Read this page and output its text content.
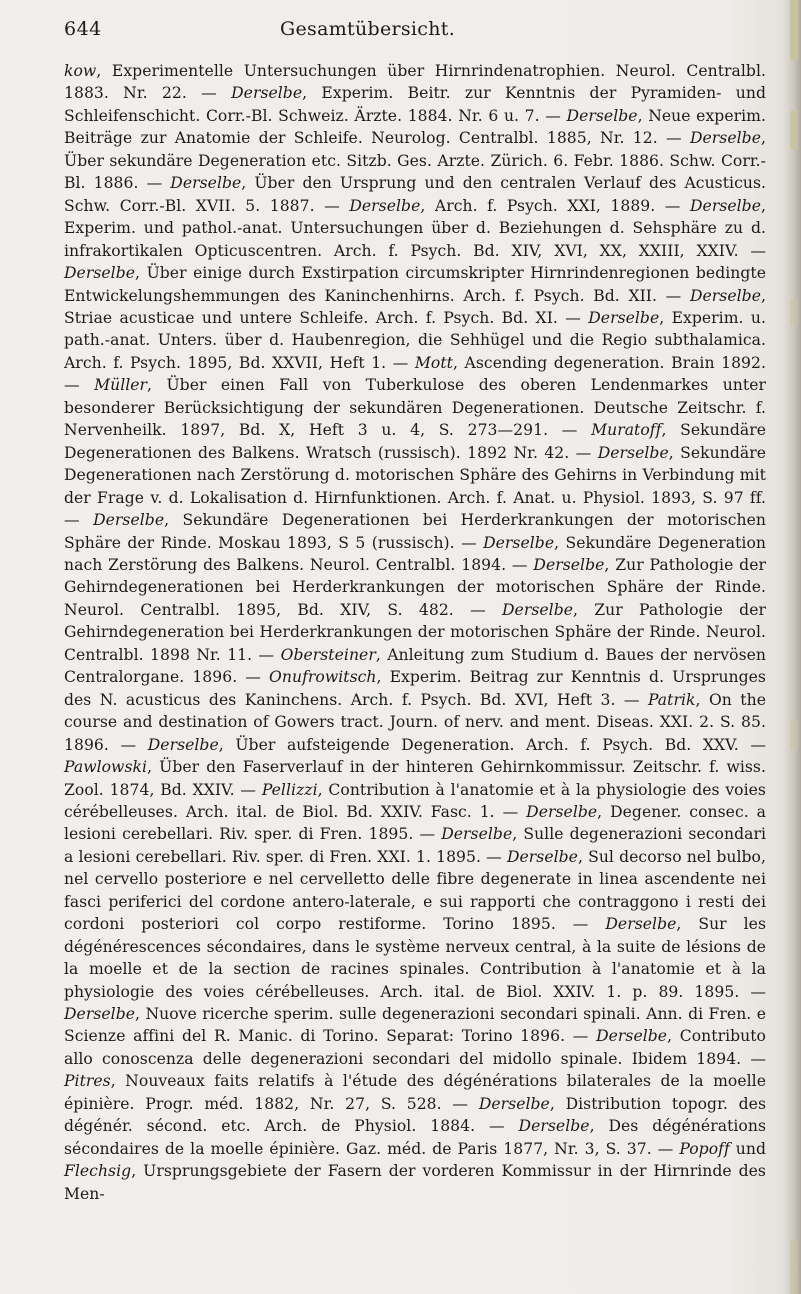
644	Gesamtübersicht.

kow, Experimentelle Untersuchungen über Hirnrindenatrophien. Neurol. Centralbl. 1883. Nr. 22. — Derselbe, Experim. Beitr. zur Kenntnis der Pyramiden- und Schleifenschicht. Corr.-Bl. Schweiz. Ärzte. 1884. Nr. 6 u. 7. — Derselbe, Neue experim. Beiträge zur Anatomie der Schleife. Neurolog. Centralbl. 1885, Nr. 12. — Derselbe, Über sekundäre Degeneration etc. Sitzb. Ges. Arzte. Zürich. 6. Febr. 1886. Schw. Corr.-Bl. 1886. — Derselbe, Über den Ursprung und den centralen Verlauf des Acusticus. Schw. Corr.-Bl. XVII. 5. 1887. — Derselbe, Arch. f. Psych. XXI, 1889. — Derselbe, Experim. und pathol.-anat. Untersuchungen über d. Beziehungen d. Sehsphäre zu d. infrakortikalen Opticuscentren. Arch. f. Psych. Bd. XIV, XVI, XX, XXIII, XXIV. — Derselbe, Über einige durch Exstirpation circumskripter Hirnrindenregionen bedingte Entwickelungshemmungen des Kaninchenhirns. Arch. f. Psych. Bd. XII. — Derselbe, Striae acusticae und untere Schleife. Arch. f. Psych. Bd. XI. — Derselbe, Experim. u. path.-anat. Unters. über d. Haubenregion, die Sehhügel und die Regio subthalamica. Arch. f. Psych. 1895, Bd. XXVII, Heft 1. — Mott, Ascending degeneration. Brain 1892. — Müller, Über einen Fall von Tuberkulose des oberen Lendenmarkes unter besonderer Berücksichtigung der sekundären Degenerationen. Deutsche Zeitschr. f. Nervenheilk. 1897, Bd. X, Heft 3 u. 4, S. 273—291. — Muratoff, Sekundäre Degenerationen des Balkens. Wratsch (russisch). 1892 Nr. 42. — Derselbe, Sekundäre Degenerationen nach Zerstörung d. motorischen Sphäre des Gehirns in Verbindung mit der Frage v. d. Lokalisation d. Hirnfunktionen. Arch. f. Anat. u. Physiol. 1893, S. 97 ff. — Derselbe, Sekundäre Degenerationen bei Herderkrankungen der motorischen Sphäre der Rinde. Moskau 1893, S 5 (russisch). — Derselbe, Sekundäre Degeneration nach Zerstörung des Balkens. Neurol. Centralbl. 1894. — Derselbe, Zur Pathologie der Gehirndegenerationen bei Herderkrankungen der motorischen Sphäre der Rinde. Neurol. Centralbl. 1895, Bd. XIV, S. 482. — Derselbe, Zur Pathologie der Gehirndegeneration bei Herderkrankungen der motorischen Sphäre der Rinde. Neurol. Centralbl. 1898 Nr. 11. — Obersteiner, Anleitung zum Studium d. Baues der nervösen Centralorgane. 1896. — Onufrowitsch, Experim. Beitrag zur Kenntnis d. Ursprunges des N. acusticus des Kaninchens. Arch. f. Psych. Bd. XVI, Heft 3. — Patrik, On the course and destination of Gowers tract. Journ. of nerv. and ment. Diseas. XXI. 2. S. 85. 1896. — Derselbe, Über aufsteigende Degeneration. Arch. f. Psych. Bd. XXV. — Pawlowski, Über den Faserverlauf in der hinteren Gehirnkommissur. Zeitschr. f. wiss. Zool. 1874, Bd. XXIV. — Pellizzi, Contribution à l'anatomie et à la physiologie des voies cérébelleuses. Arch. ital. de Biol. Bd. XXIV. Fasc. 1. — Derselbe, Degener. consec. a lesioni cerebellari. Riv. sper. di Fren. 1895. — Derselbe, Sulle degenerazioni secondari a lesioni cerebellari. Riv. sper. di Fren. XXI. 1. 1895. — Derselbe, Sul decorso nel bulbo, nel cervello posteriore e nel cervelletto delle fibre degenerate in linea ascendente nei fasci periferici del cordone antero-laterale, e sui rapporti che contraggono i resti dei cordoni posteriori col corpo restiforme. Torino 1895. — Derselbe, Sur les dégénérescences sécondaires, dans le système nerveux central, à la suite de lésions de la moelle et de la section de racines spinales. Contribution à l'anatomie et à la physiologie des voies cérébelleuses. Arch. ital. de Biol. XXIV. 1. p. 89. 1895. — Derselbe, Nuove ricerche sperim. sulle degenerazioni secondari spinali. Ann. di Fren. e Scienze affini del R. Manic. di Torino. Separat: Torino 1896. — Derselbe, Contributo allo conoscenza delle degenerazioni secondari del midollo spinale. Ibidem 1894. — Pitres, Nouveaux faits relatifs à l'étude des dégénérations bilaterales de la moelle épinière. Progr. méd. 1882, Nr. 27, S. 528. — Derselbe, Distribution topogr. des dégénér. sécond. etc. Arch. de Physiol. 1884. — Derselbe, Des dégénérations sécondaires de la moelle épinière. Gaz. méd. de Paris 1877, Nr. 3, S. 37. — Popoff und Flechsig, Ursprungsgebiete der Fasern der vorderen Kommissur in der Hirnrinde des Men-
